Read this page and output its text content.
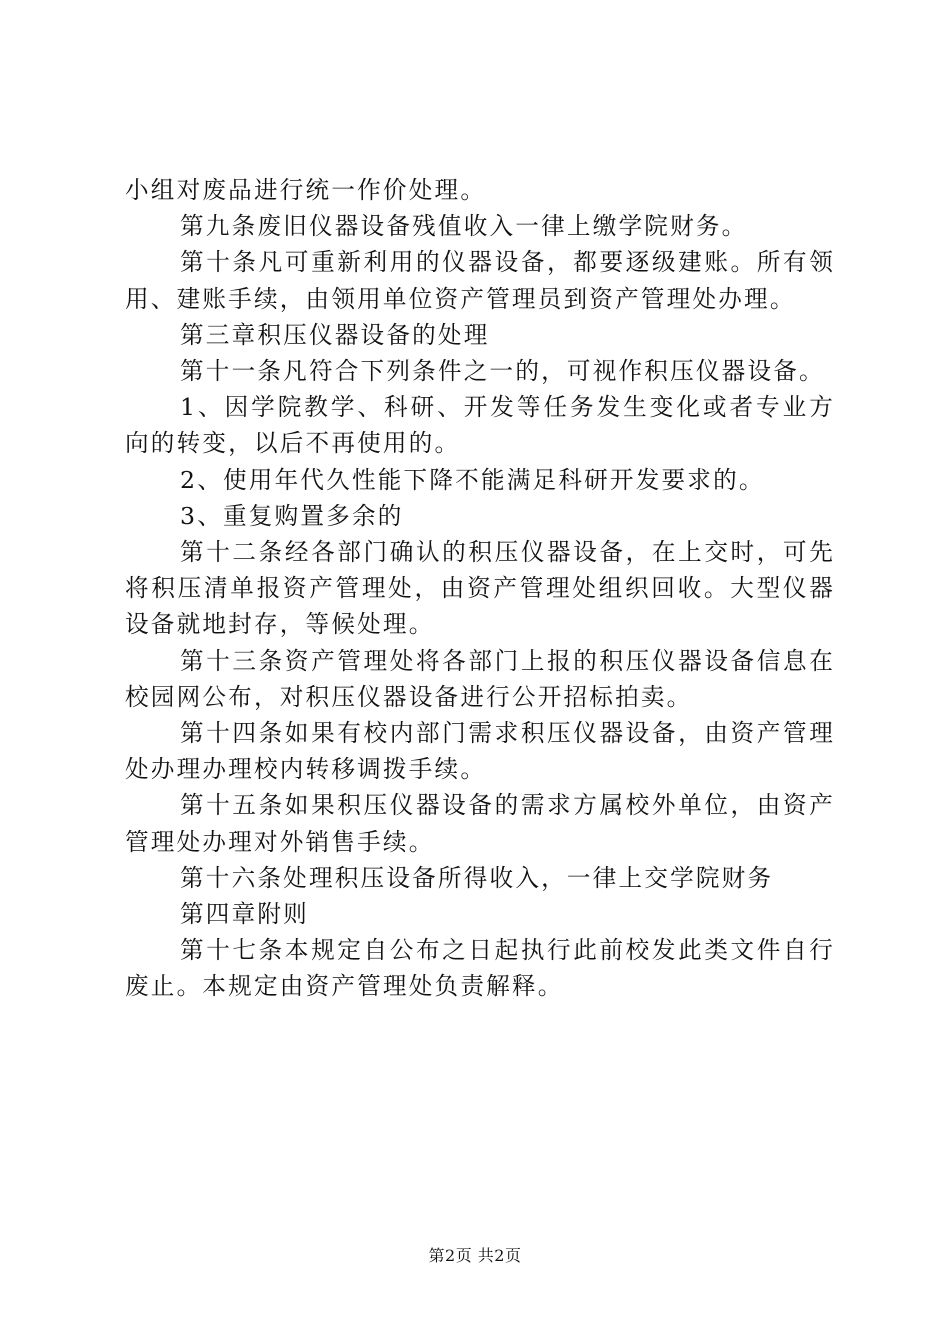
小组对废品进行统一作价处理。

第九条废旧仪器设备残值收入一律上缴学院财务。

第十条凡可重新利用的仪器设备，都要逐级建账。所有领用、建账手续，由领用单位资产管理员到资产管理处办理。

第三章积压仪器设备的处理

第十一条凡符合下列条件之一的，可视作积压仪器设备。

1、因学院教学、科研、开发等任务发生变化或者专业方向的转变，以后不再使用的。

2、使用年代久性能下降不能满足科研开发要求的。

3、重复购置多余的

第十二条经各部门确认的积压仪器设备，在上交时，可先将积压清单报资产管理处，由资产管理处组织回收。大型仪器设备就地封存，等候处理。

第十三条资产管理处将各部门上报的积压仪器设备信息在校园网公布，对积压仪器设备进行公开招标拍卖。

第十四条如果有校内部门需求积压仪器设备，由资产管理处办理办理校内转移调拨手续。

第十五条如果积压仪器设备的需求方属校外单位，由资产管理处办理对外销售手续。

第十六条处理积压设备所得收入，一律上交学院财务

第四章附则

第十七条本规定自公布之日起执行此前校发此类文件自行废止。本规定由资产管理处负责解释。

第2页 共2页
